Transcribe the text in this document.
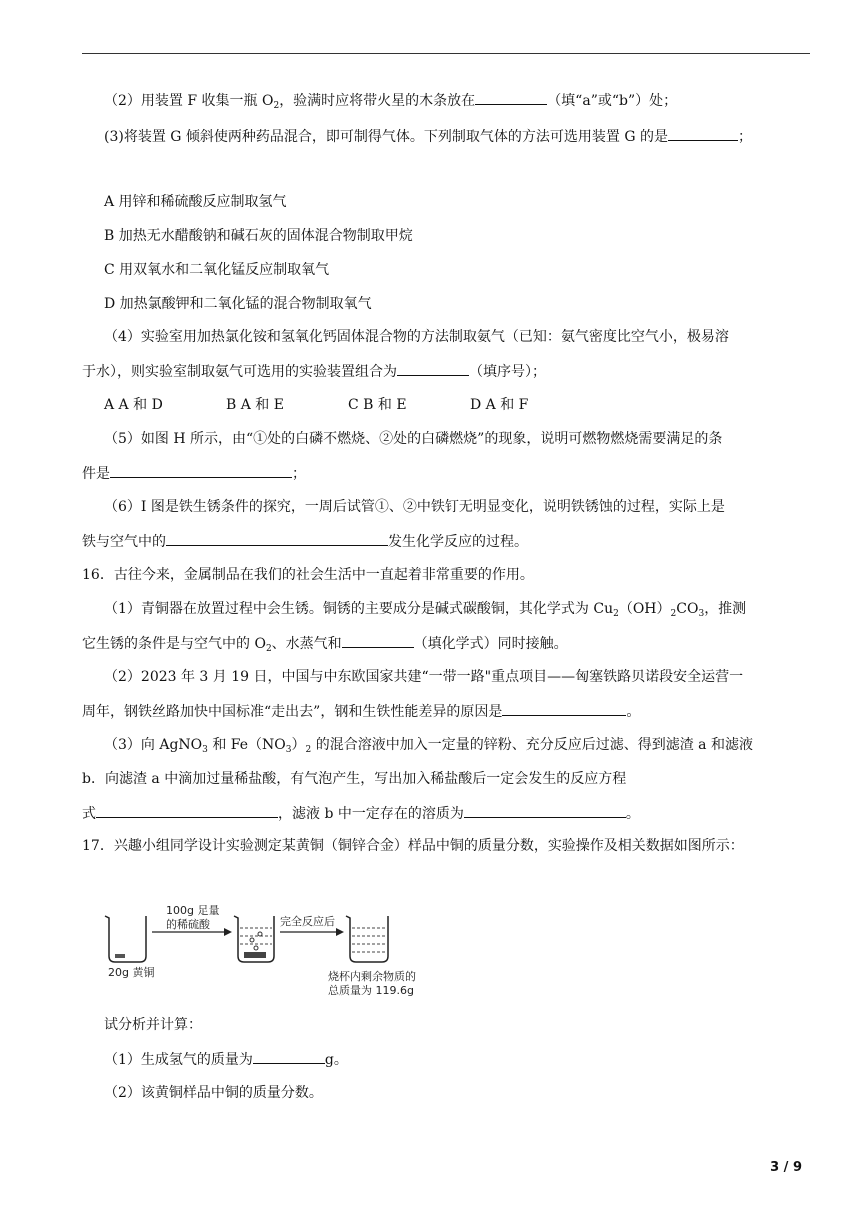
（2）用装置 F 收集一瓶 $O_2$，验满时应将带火星的木条放在	（填“a”或“b”）处；
(3)将装置 G 倾斜使两种药品混合，即可制得气体。下列制取气体的方法可选用装置 G 的是	；
A 用锌和稀硫酸反应制取氢气
B 加热无水醋酸钠和碱石灰的固体混合物制取甲烷
C 用双氧水和二氧化锰反应制取氧气
D 加热氯酸钾和二氧化锰的混合物制取氧气
（4）实验室用加热氯化铵和氢氧化钙固体混合物的方法制取氨气（已知：氨气密度比空气小，极易溶
于水），则实验室制取氨气可选用的实验装置组合为	（填序号）；
A A 和 D	B A 和 E	C B 和 E	D A 和 F
（5）如图 H 所示，由“①处的白磷不燃烧、②处的白磷燃烧”的现象，说明可燃物燃烧需要满足的条
件是	；
（6）I 图是铁生锈条件的探究，一周后试管①、②中铁钉无明显变化，说明铁锈蚀的过程，实际上是
铁与空气中的	发生化学反应的过程。
16．古往今来，金属制品在我们的社会生活中一直起着非常重要的作用。
（1）青铜器在放置过程中会生锈。铜锈的主要成分是碱式碳酸铜，其化学式为 $Cu_2(OH)_2CO_3$，推测
它生锈的条件是与空气中的 $O_2$、水蒸气和	（填化学式）同时接触。
（2）2023 年 3 月 19 日，中国与中东欧国家共建“一带一路"重点项目——匈塞铁路贝诺段安全运营一
周年，钢铁丝路加快中国标准“走出去”，钢和生铁性能差异的原因是	。
（3）向 AgNO$_3$ 和 $Fe(NO_3)_2$ 的混合溶液中加入一定量的锌粉、充分反应后过滤、得到滤渣 a 和滤液
b．向滤渣 a 中滴加过量稀盐酸，有气泡产生，写出加入稀盐酸后一定会发生的反应方程
式	，滤液 b 中一定存在的溶质为	。
17．兴趣小组同学设计实验测定某黄铜（铜锌合金）样品中铜的质量分数，实验操作及相关数据如图所示：
100g 足量
的稀硫酸	完全反应后
20g 黄铜	烧杯内剩余物质的
总质量为 119.6g
试分析并计算：
（1）生成氢气的质量为	g。
（2）该黄铜样品中铜的质量分数。
3 / 9
